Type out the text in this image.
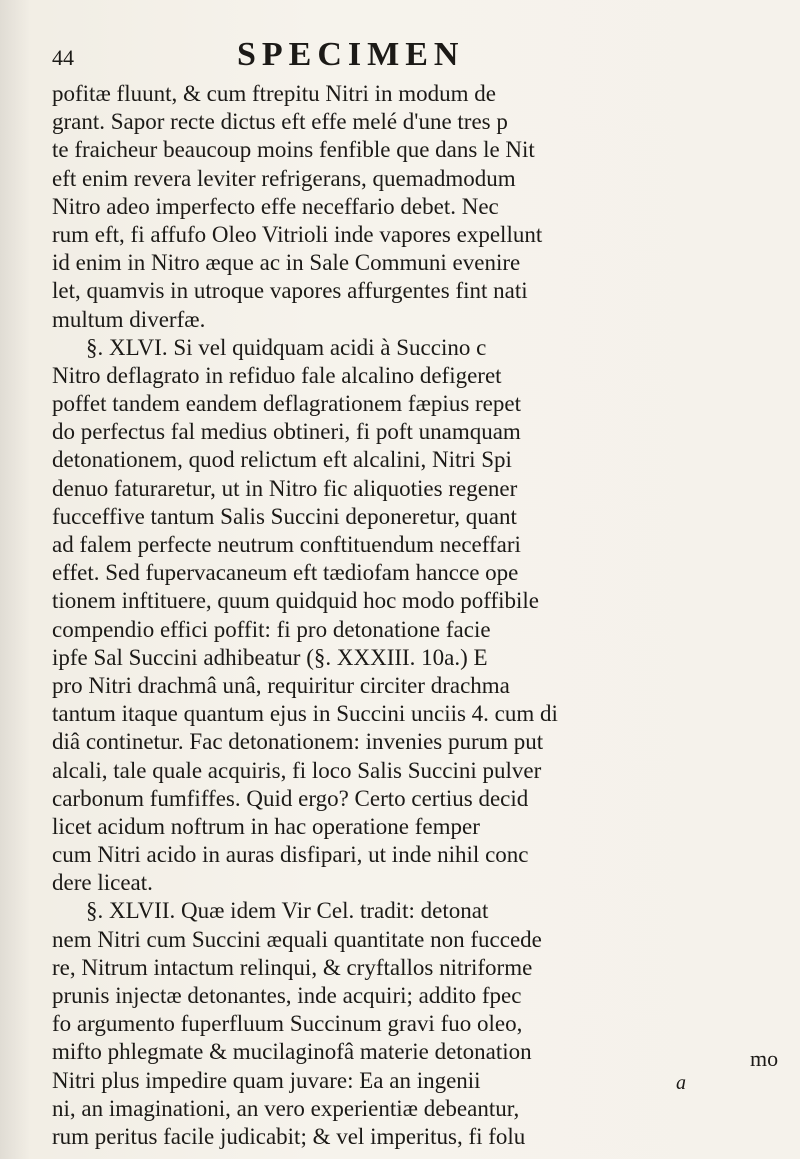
44	SPECIMEN
pofitæ fluunt, & cum ftrepitu Nitri in modum de
grant. Sapor recte dictus eft effe melé d'une tres p
te fraicheur beaucoup moins fenfible que dans le Nit
eft enim revera leviter refrigerans, quemadmodum
Nitro adeo imperfecto effe neceffario debet. Nec
rum eft, fi affufo Oleo Vitrioli inde vapores expellunt
id enim in Nitro æque ac in Sale Communi evenire
let, quamvis in utroque vapores affurgentes fint nati
multum diverfæ.
§. XLVI. Si vel quidquam acidi à Succino c
Nitro deflagrato in refiduo fale alcalino defigeret
poffet tandem eandem deflagrationem fæpius repet
do perfectus fal medius obtineri, fi poft unamquam
detonationem, quod relictum eft alcalini, Nitri Spi
denuo faturaretur, ut in Nitro fic aliquoties regener
fucceffive tantum Salis Succini deponeretur, quant
ad falem perfecte neutrum conftituendum neceffari
effet. Sed fupervacaneum eft tædiofam hancce ope
tionem inftituere, quum quidquid hoc modo poffibile
compendio effici poffit: fi pro detonatione facie
ipfe Sal Succini adhibeatur (§. XXXIII. 10a.) E
pro Nitri drachmâ unâ, requiritur circiter drachma
tantum itaque quantum ejus in Succini unciis 4. cum di
diâ continetur. Fac detonationem: invenies purum put
alcali, tale quale acquiris, fi loco Salis Succini pulver
carbonum fumfiffes. Quid ergo? Certo certius decid
licet acidum noftrum in hac operatione femper
cum Nitri acido in auras disfipari, ut inde nihil conc
dere liceat.
§. XLVII. Quæ idem Vir Cel. tradit: detonat
nem Nitri cum Succini æquali quantitate non fuccede
re, Nitrum intactum relinqui, & cryftallos nitriforme
prunis injectæ detonantes, inde acquiri; addito fpec
fo argumento fuperfluum Succinum gravi fuo oleo,
mifto phlegmate & mucilaginofâ materie detonation
Nitri plus impedire quam juvare: Ea an ingenii
ni, an imaginationi, an vero experientiæ debeantur,
rum peritus facile judicabit; & vel imperitus, fi folu
mo
a
